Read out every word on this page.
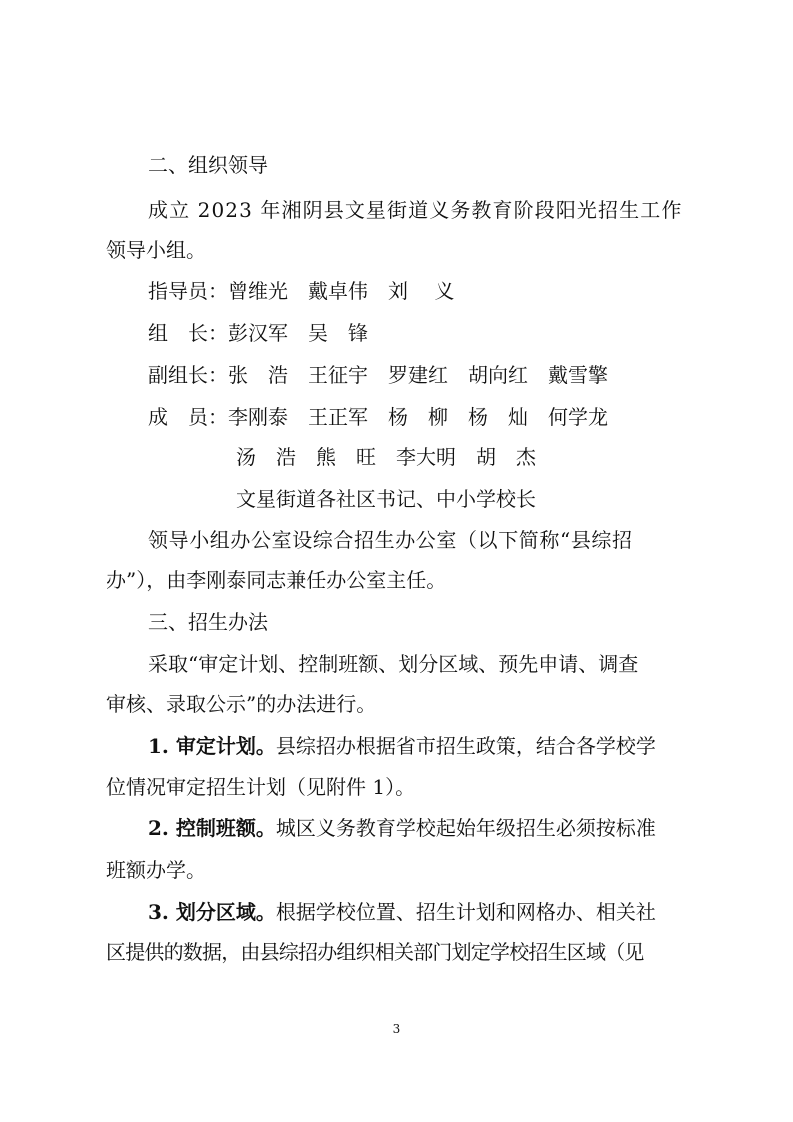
二、组织领导
成立 2023 年湘阴县文星街道义务教育阶段阳光招生工作
领导小组。
指导员：曾维光　戴卓伟　刘　 义
组　长：彭汉军　吴　锋
副组长：张　浩　王征宇　罗建红　胡向红　戴雪擎
成　员：李刚泰　王正军　杨　柳　杨　灿　何学龙
汤　浩　熊　旺　李大明　胡　杰
文星街道各社区书记、中小学校长
领导小组办公室设综合招生办公室（以下简称“县综招
办”），由李刚泰同志兼任办公室主任。
三、招生办法
采取“审定计划、控制班额、划分区域、预先申请、调查
审核、录取公示”的办法进行。
1. 审定计划。县综招办根据省市招生政策，结合各学校学
位情况审定招生计划（见附件 1）。
2. 控制班额。城区义务教育学校起始年级招生必须按标准
班额办学。
3. 划分区域。根据学校位置、招生计划和网格办、相关社
区提供的数据，由县综招办组织相关部门划定学校招生区域（见
3
